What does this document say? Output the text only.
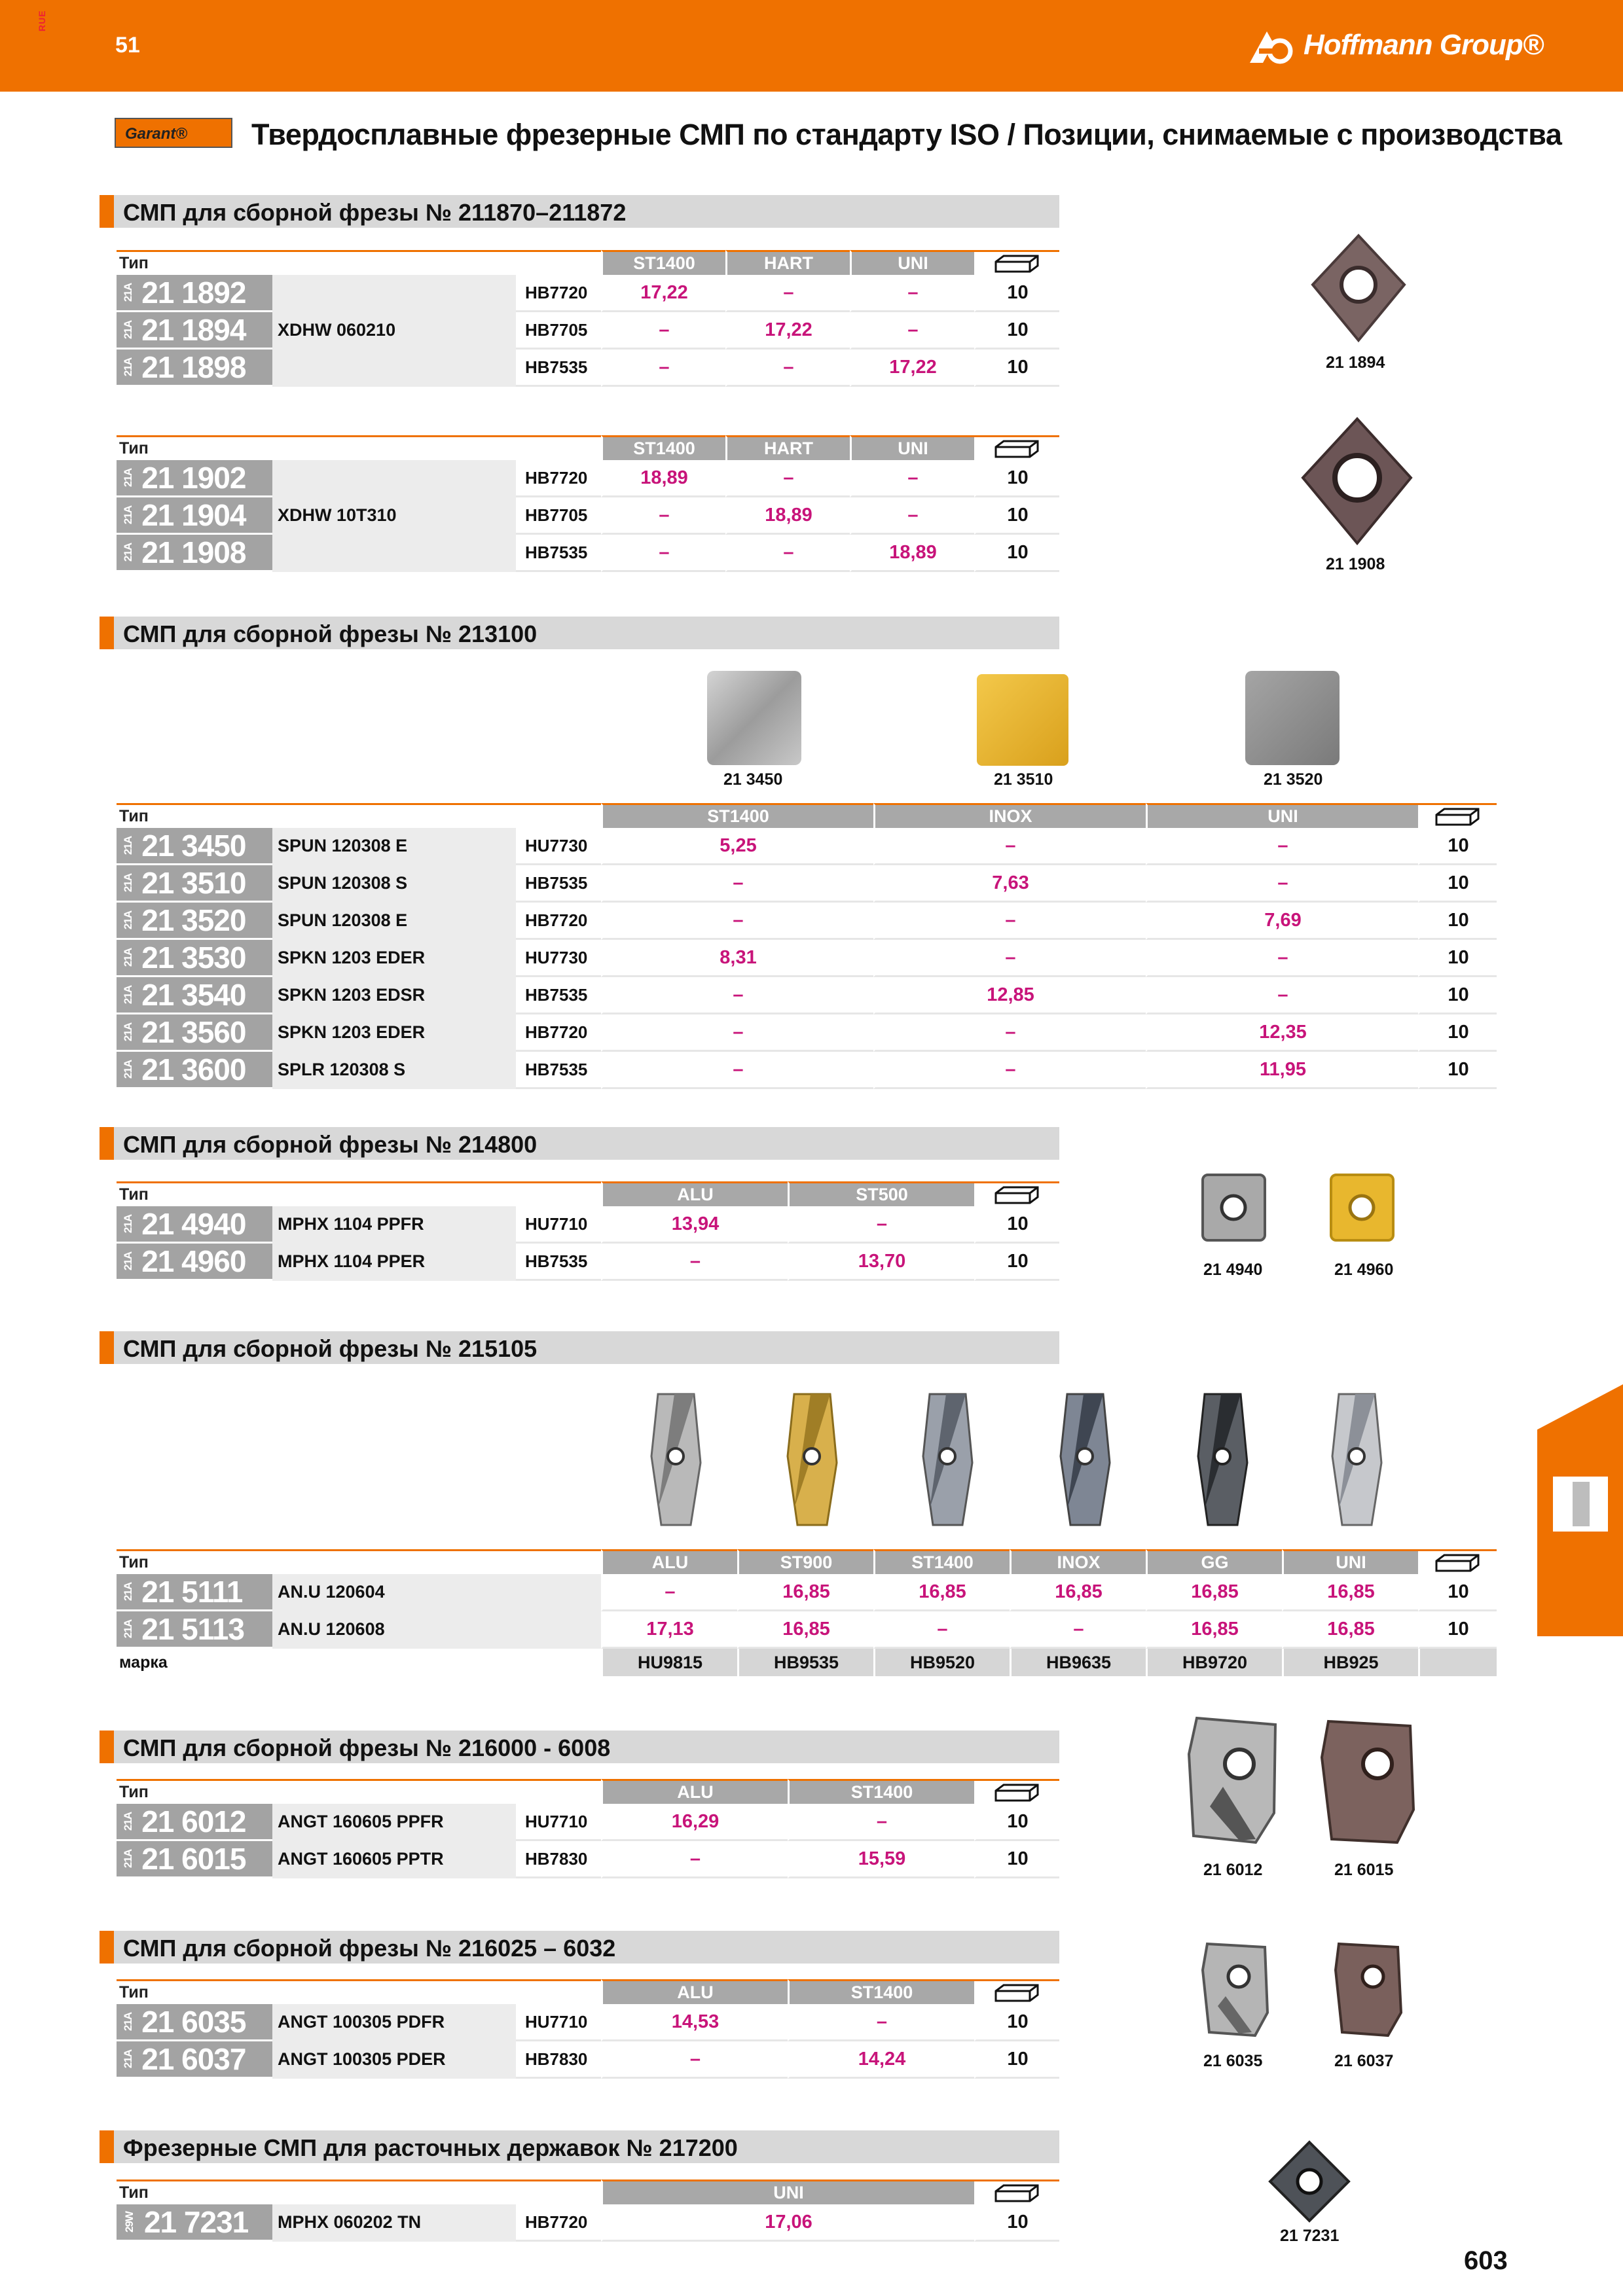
RUE
51	Hoffmann Group®
Garant®	Твердосплавные фрезерные СМП по стандарту ISO / Позиции, снимаемые с производства
СМП для сборной фрезы № 211870–211872
Тип			ST1400	HART	UNI	
21A 21 1892	XDHW 060210	HB7720	17,22	–	–	10
21A 21 1894		HB7705	–	17,22	–	10
21A 21 1898		HB7535	–	–	17,22	10
Тип			ST1400	HART	UNI	
21A 21 1902	XDHW 10T310	HB7720	18,89	–	–	10
21A 21 1904		HB7705	–	18,89	–	10
21A 21 1908		HB7535	–	–	18,89	10
21 1894
21 1908
СМП для сборной фрезы № 213100
21 3450	21 3510	21 3520
Тип			ST1400	INOX	UNI	
21A 21 3450	SPUN 120308 E	HU7730	5,25	–	–	10
21A 21 3510	SPUN 120308 S	HB7535	–	7,63	–	10
21A 21 3520	SPUN 120308 E	HB7720	–	–	7,69	10
21A 21 3530	SPKN 1203 EDER	HU7730	8,31	–	–	10
21A 21 3540	SPKN 1203 EDSR	HB7535	–	12,85	–	10
21A 21 3560	SPKN 1203 EDER	HB7720	–	–	12,35	10
21A 21 3600	SPLR 120308 S	HB7535	–	–	11,95	10
СМП для сборной фрезы № 214800
Тип			ALU	ST500	
21A 21 4940	MPHX 1104 PPFR	HU7710	13,94	–	10
21A 21 4960	MPHX 1104 PPER	HB7535	–	13,70	10	21 4940	21 4960
СМП для сборной фрезы № 215105
Тип		ALU	ST900	ST1400	INOX	GG	UNI	
21A 21 5111	AN.U 120604	–	16,85	16,85	16,85	16,85	16,85	10
21A 21 5113	AN.U 120608	17,13	16,85	–	–	16,85	16,85	10
марка		HU9815	HB9535	HB9520	HB9635	HB9720	HB925	
СМП для сборной фрезы № 216000 - 6008
Тип			ALU	ST1400	
21A 21 6012	ANGT 160605 PPFR	HU7710	16,29	–	10
21A 21 6015	ANGT 160605 PPTR	HB7830	–	15,59	10
21 6012	21 6015
СМП для сборной фрезы № 216025 – 6032
Тип			ALU	ST1400	
21A 21 6035	ANGT 100305 PDFR	HU7710	14,53	–	10
21A 21 6037	ANGT 100305 PDER	HB7830	–	14,24	10	21 6035	21 6037
Фрезерные СМП для расточных державок № 217200
Тип			UNI	
29W 21 7231	MPHX 060202 TN	HB7720	17,06	10
21 7231
603
